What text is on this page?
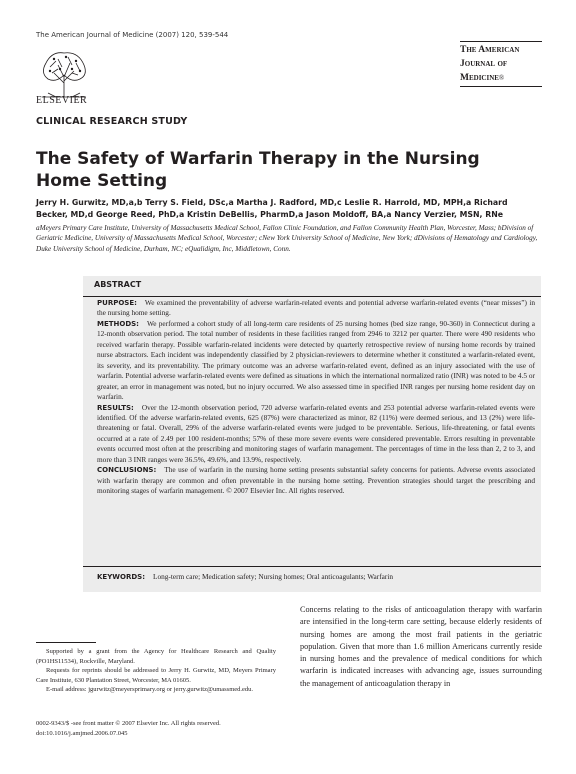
The American Journal of Medicine (2007) 120, 539-544
ELSEVIER
The American
Journal of
Medicine®
CLINICAL RESEARCH STUDY
The Safety of Warfarin Therapy in the Nursing Home Setting
Jerry H. Gurwitz, MD,a,b Terry S. Field, DSc,a Martha J. Radford, MD,c Leslie R. Harrold, MD, MPH,a Richard Becker, MD,d George Reed, PhD,a Kristin DeBellis, PharmD,a Jason Moldoff, BA,a Nancy Verzier, MSN, RNe
aMeyers Primary Care Institute, University of Massachusetts Medical School, Fallon Clinic Foundation, and Fallon Community Health Plan, Worcester, Mass; bDivision of Geriatric Medicine, University of Massachusetts Medical School, Worcester; cNew York University School of Medicine, New York; dDivisions of Hematology and Cardiology, Duke University School of Medicine, Durham, NC; eQualidigm, Inc, Middletown, Conn.
ABSTRACT

PURPOSE: We examined the preventability of adverse warfarin-related events and potential adverse warfarin-related events (“near misses”) in the nursing home setting.

METHODS: We performed a cohort study of all long-term care residents of 25 nursing homes (bed size range, 90-360) in Connecticut during a 12-month observation period. The total number of residents in these facilities ranged from 2946 to 3212 per quarter. There were 490 residents who received warfarin therapy. Possible warfarin-related incidents were detected by quarterly retrospective review of nursing home records by trained nurse abstractors. Each incident was independently classified by 2 physician-reviewers to determine whether it constituted a warfarin-related event, its severity, and its preventability. The primary outcome was an adverse warfarin-related event, defined as an injury associated with the use of warfarin. Potential adverse warfarin-related events were defined as situations in which the international normalized ratio (INR) was noted to be 4.5 or greater, an error in management was noted, but no injury occurred. We also assessed time in specified INR ranges per nursing home resident day on warfarin.

RESULTS: Over the 12-month observation period, 720 adverse warfarin-related events and 253 potential adverse warfarin-related events were identified. Of the adverse warfarin-related events, 625 (87%) were characterized as minor, 82 (11%) were deemed serious, and 13 (2%) were life-threatening or fatal. Overall, 29% of the adverse warfarin-related events were judged to be preventable. Serious, life-threatening, or fatal events occurred at a rate of 2.49 per 100 resident-months; 57% of these more severe events were considered preventable. Errors resulting in preventable events occurred most often at the prescribing and monitoring stages of warfarin management. The percentages of time in the less than 2, 2 to 3, and more than 3 INR ranges were 36.5%, 49.6%, and 13.9%, respectively.

CONCLUSIONS: The use of warfarin in the nursing home setting presents substantial safety concerns for patients. Adverse events associated with warfarin therapy are common and often preventable in the nursing home setting. Prevention strategies should target the prescribing and monitoring stages of warfarin management. © 2007 Elsevier Inc. All rights reserved.

KEYWORDS: Long-term care; Medication safety; Nursing homes; Oral anticoagulants; Warfarin
Concerns relating to the risks of anticoagulation therapy with warfarin are intensified in the long-term care setting, because elderly residents of nursing homes are among the most frail patients in the geriatric population. Given that more than 1.6 million Americans currently reside in nursing homes and the prevalence of medical conditions for which warfarin is indicated increases with advancing age, issues surrounding the management of anticoagulation therapy in

Supported by a grant from the Agency for Healthcare Research and Quality (PO1HS11534), Rockville, Maryland.

Requests for reprints should be addressed to Jerry H. Gurwitz, MD, Meyers Primary Care Institute, 630 Plantation Street, Worcester, MA 01605.

E-mail address: jgurwitz@meyersprimary.org or jerry.gurwitz@umassmed.edu.

0002-9343/$ -see front matter © 2007 Elsevier Inc. All rights reserved.

doi:10.1016/j.amjmed.2006.07.045
